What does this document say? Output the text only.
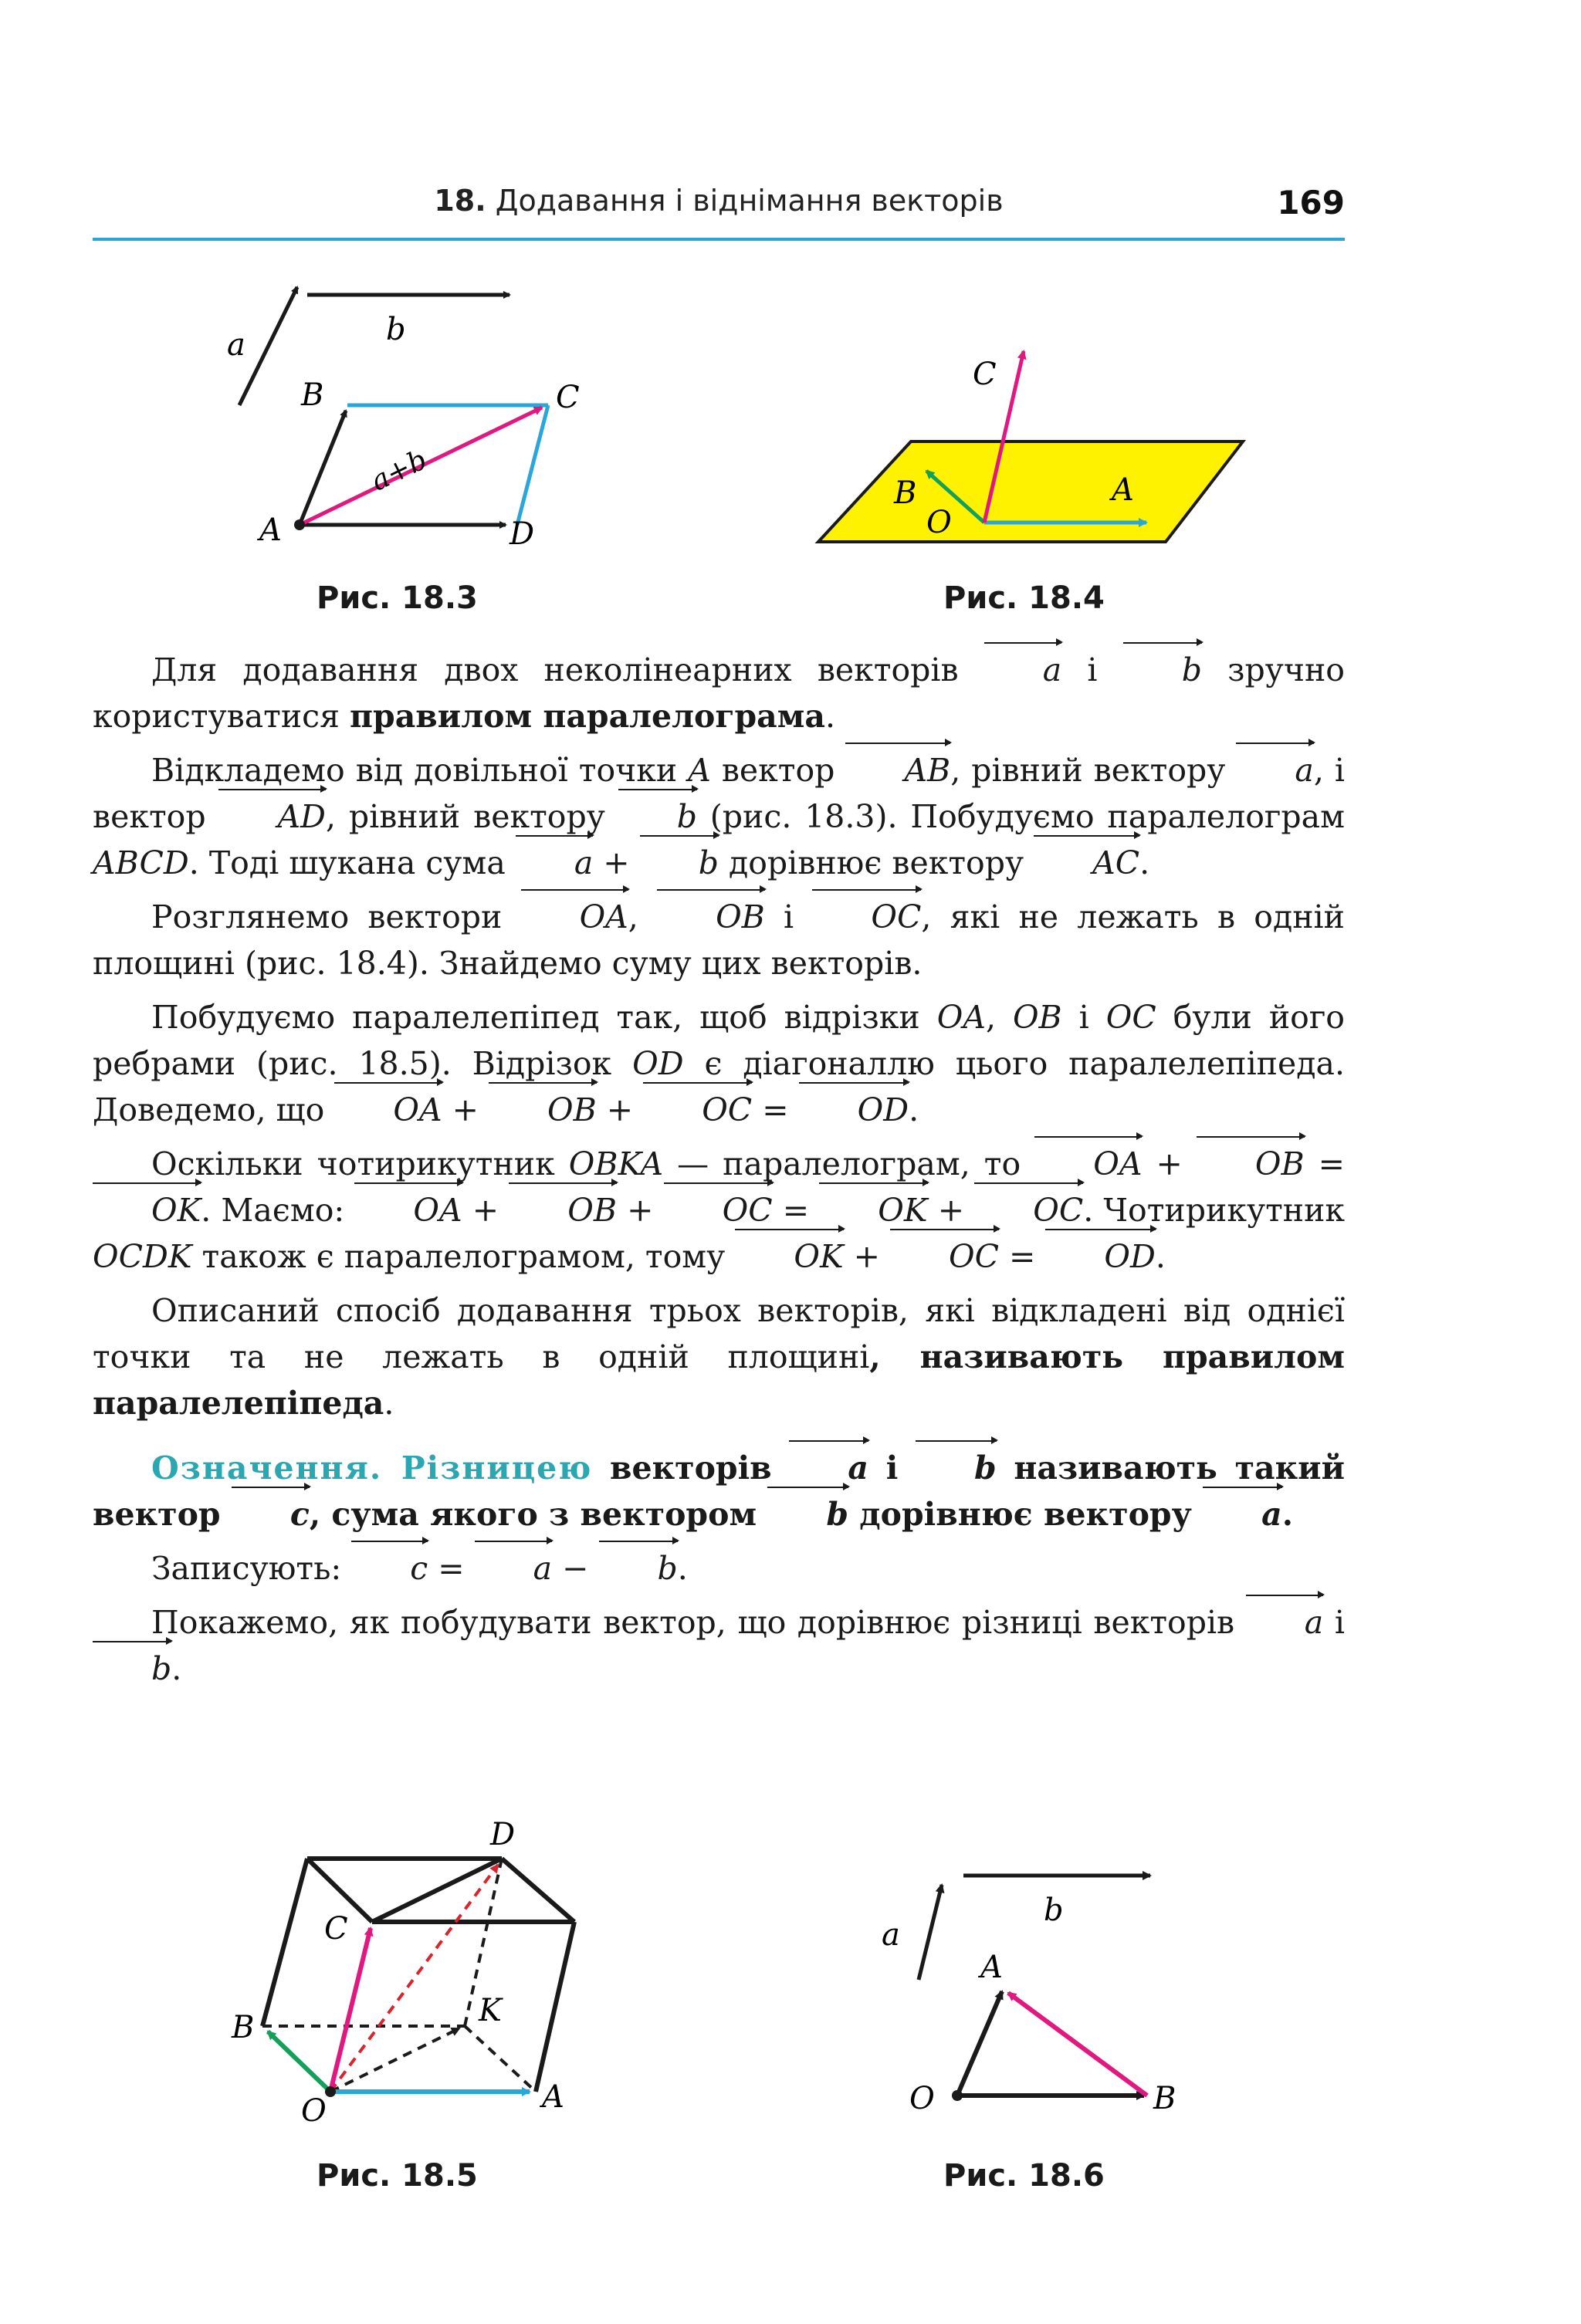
18. Додавання і віднімання векторів	169
a	b
A
B	C
D
a+b
Рис. 18.3
C
B
O
A
Рис. 18.4

Для додавання двох неколінеарних векторів a і b зручно користуватися правилом паралелограма.

Відкладемо від довільної точки A вектор AB, рівний вектору a, і вектор AD, рівний вектору b (рис. 18.3). Побудуємо паралелограм ABCD. Тоді шукана сума a + b дорівнює вектору AC.

Розглянемо вектори OA, OB і OC, які не лежать в одній площині (рис. 18.4). Знайдемо суму цих векторів.

Побудуємо паралелепіпед так, щоб відрізки OA, OB і OC були його ребрами (рис. 18.5). Відрізок OD є діагоналлю цього паралелепіпеда. Доведемо, що OA + OB + OC = OD.

Оскільки чотирикутник OBKA — паралелограм, то OA + OB = OK. Маємо: OA + OB + OC = OK + OC. Чотирикутник OCDK також є паралелограмом, тому OK + OC = OD.

Описаний спосіб додавання трьох векторів, які відкладені від однієї точки та не лежать в одній площині, називають правилом паралелепіпеда.

Означення. Різницею векторів a і b називають такий вектор c, сума якого з вектором b дорівнює вектору a.

Записують: c = a − b.

Покажемо, як побудувати вектор, що дорівнює різниці векторів a і b.

D
C
K
B
O	A
Рис. 18.5
a
b
A
O	B
Рис. 18.6
